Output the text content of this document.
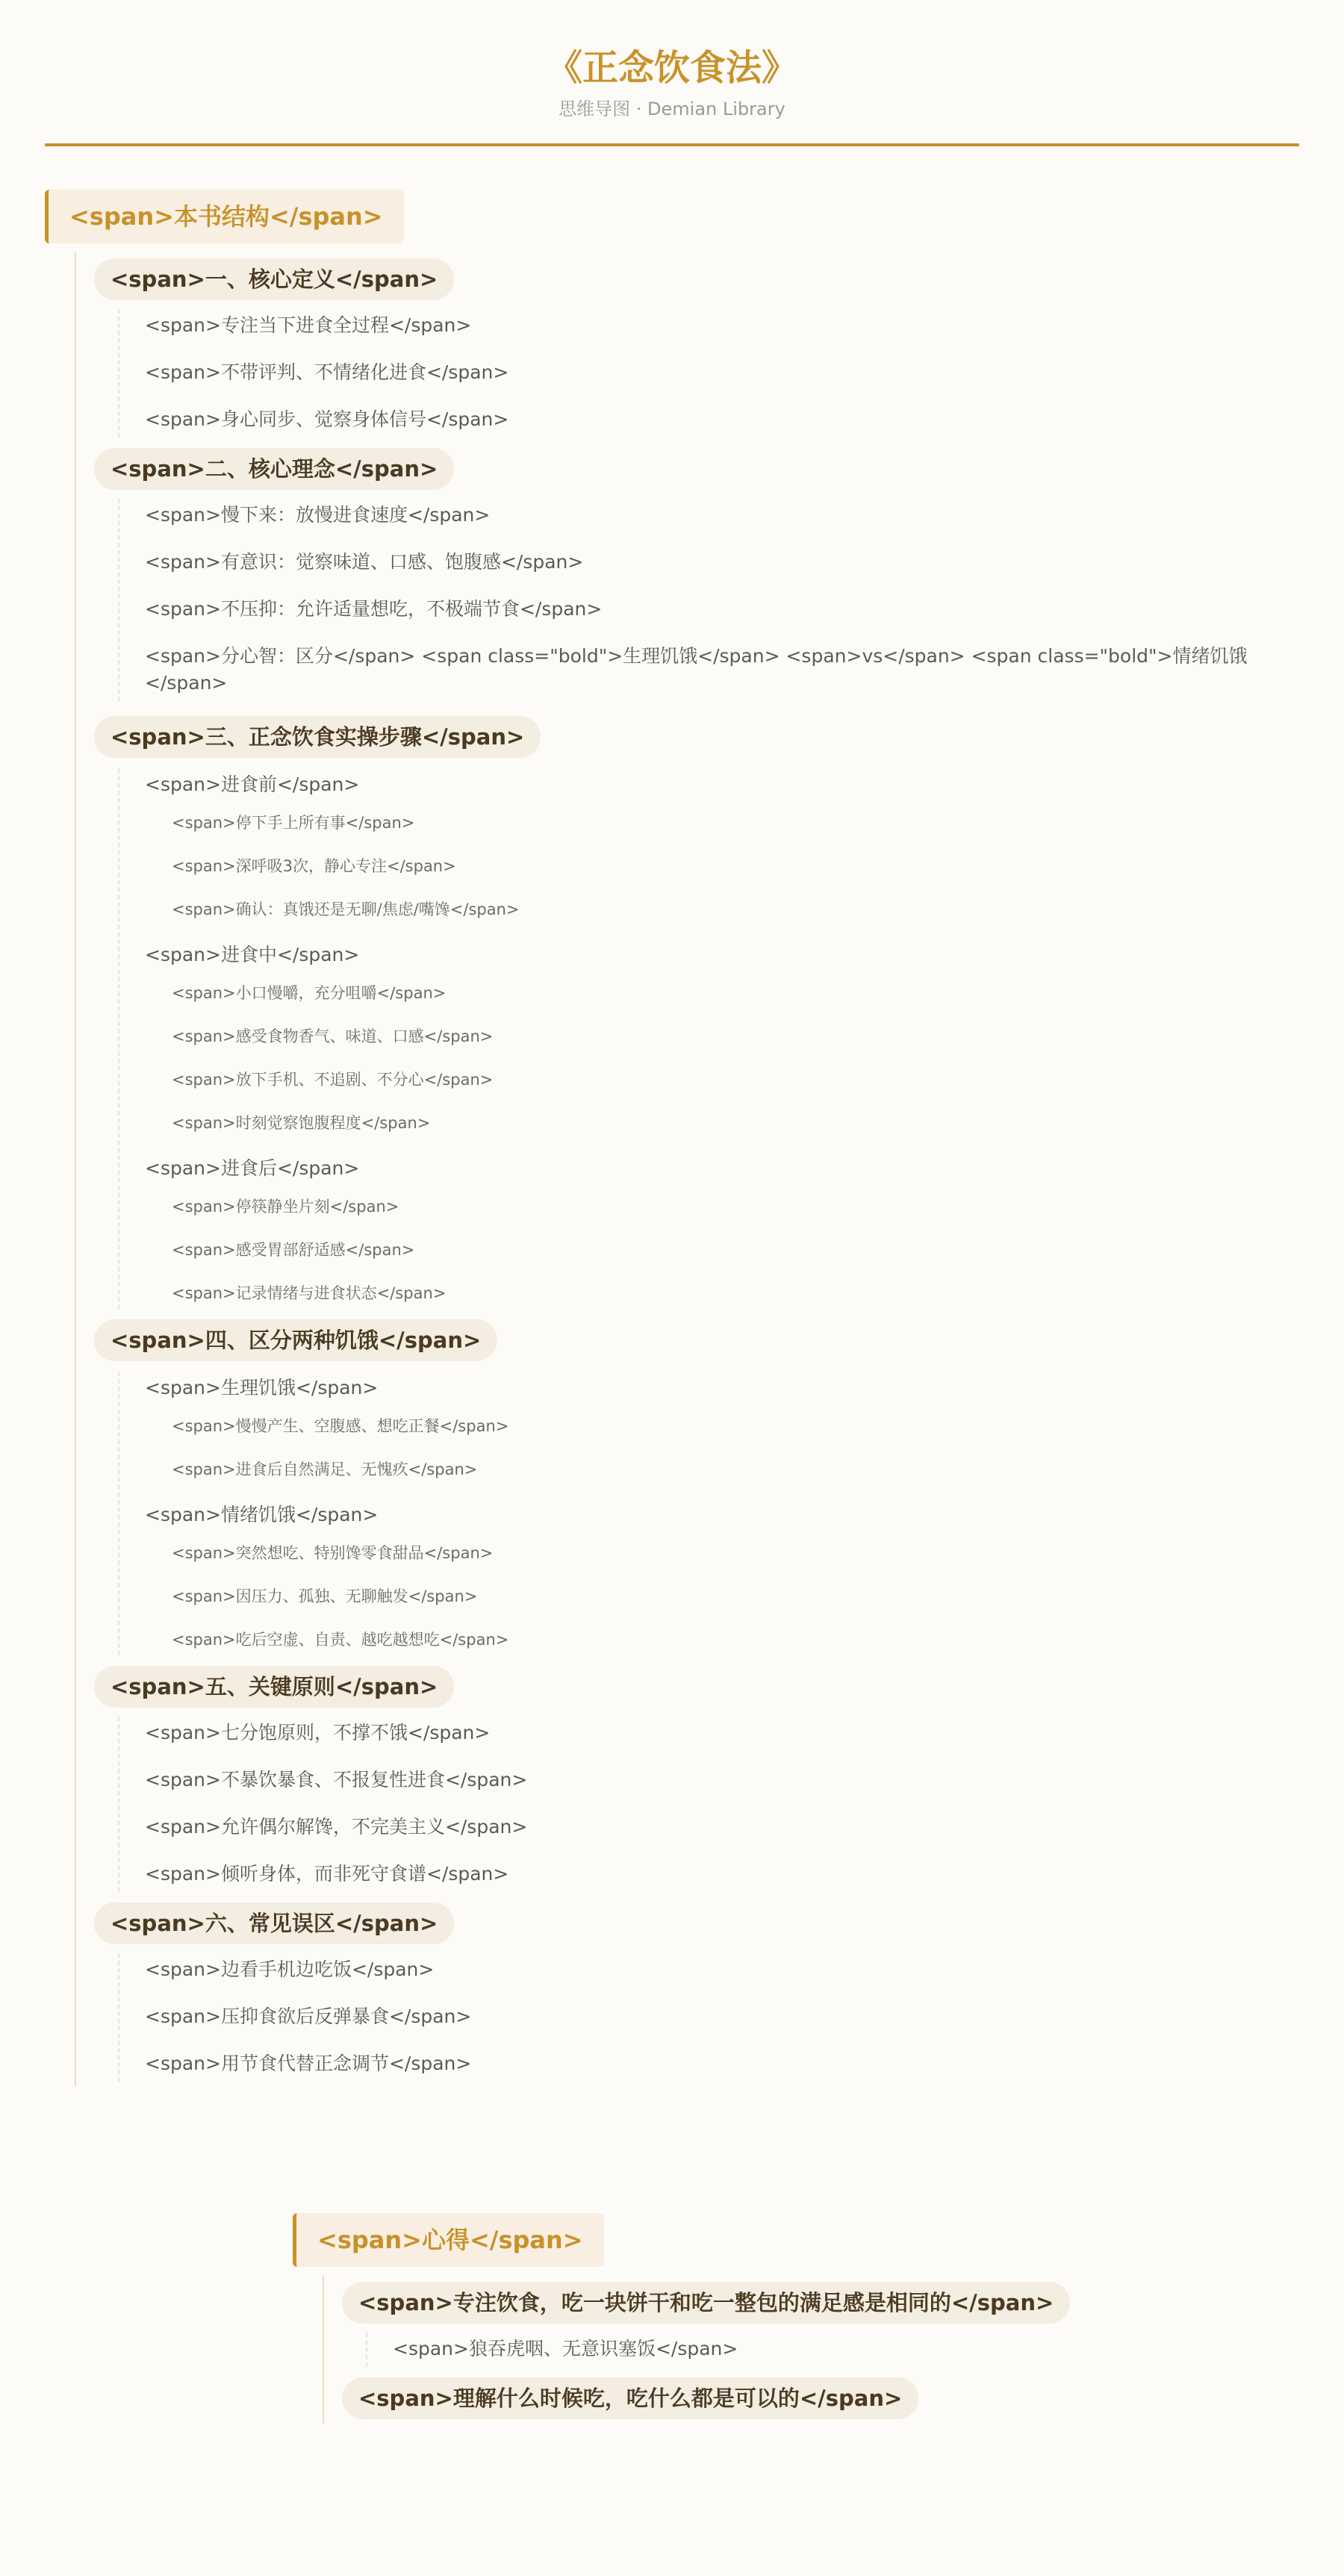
《正念饮食法》
思维导图 · Demian Library
<span>本书结构</span>
<span>一、核心定义</span>
<span>专注当下进食全过程</span>
<span>不带评判、不情绪化进食</span>
<span>身心同步、觉察身体信号</span>
<span>二、核心理念</span>
<span>慢下来：放慢进食速度</span>
<span>有意识：觉察味道、口感、饱腹感</span>
<span>不压抑：允许适量想吃，不极端节食</span>
<span>分心智：区分</span> <span class="bold">生理饥饿</span> <span>vs</span> <span class="bold">情绪饥饿</span>
<span>三、正念饮食实操步骤</span>
<span>进食前</span>
<span>停下手上所有事</span>
<span>深呼吸3次，静心专注</span>
<span>确认：真饿还是无聊/焦虑/嘴馋</span>
<span>进食中</span>
<span>小口慢嚼，充分咀嚼</span>
<span>感受食物香气、味道、口感</span>
<span>放下手机、不追剧、不分心</span>
<span>时刻觉察饱腹程度</span>
<span>进食后</span>
<span>停筷静坐片刻</span>
<span>感受胃部舒适感</span>
<span>记录情绪与进食状态</span>
<span>四、区分两种饥饿</span>
<span>生理饥饿</span>
<span>慢慢产生、空腹感、想吃正餐</span>
<span>进食后自然满足、无愧疚</span>
<span>情绪饥饿</span>
<span>突然想吃、特别馋零食甜品</span>
<span>因压力、孤独、无聊触发</span>
<span>吃后空虚、自责、越吃越想吃</span>
<span>五、关键原则</span>
<span>七分饱原则，不撑不饿</span>
<span>不暴饮暴食、不报复性进食</span>
<span>允许偶尔解馋，不完美主义</span>
<span>倾听身体，而非死守食谱</span>
<span>六、常见误区</span>
<span>边看手机边吃饭</span>
<span>压抑食欲后反弹暴食</span>
<span>用节食代替正念调节</span>
<span>心得</span>
<span>专注饮食，吃一块饼干和吃一整包的满足感是相同的</span>
<span>狼吞虎咽、无意识塞饭</span>
<span>理解什么时候吃，吃什么都是可以的</span>
